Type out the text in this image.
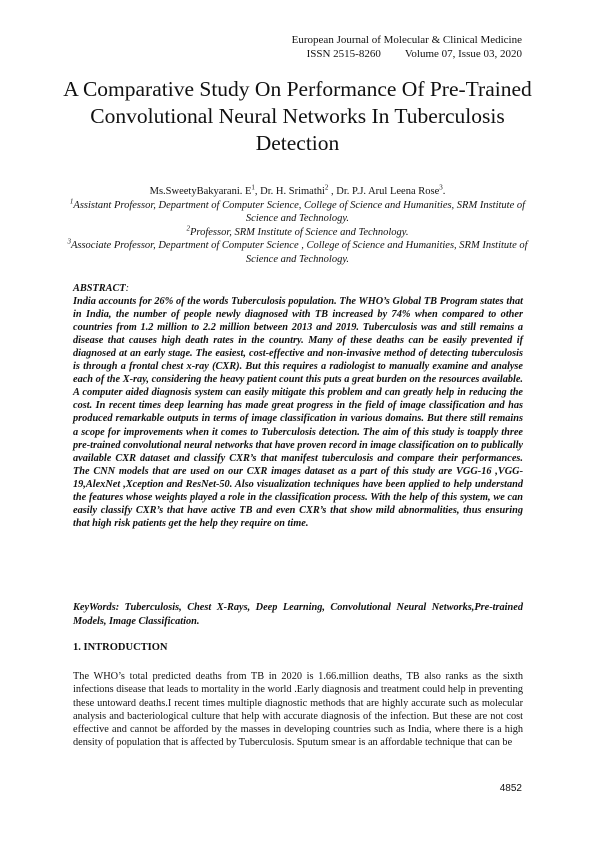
European Journal of Molecular & Clinical Medicine
ISSN 2515-8260 Volume 07, Issue 03, 2020
A Comparative Study On Performance Of Pre-Trained Convolutional Neural Networks In Tuberculosis Detection
Ms.SweetyBakyarani. $E^1$, Dr. H. Srimathi$^2$ , Dr. P.J. Arul Leena Rose$^3$.
$^1$Assistant Professor, Department of Computer Science, College of Science and Humanities, SRM Institute of Science and Technology.
$^2$Professor, SRM Institute of Science and Technology.
$^3$Associate Professor, Department of Computer Science , College of Science and Humanities, SRM Institute of Science and Technology.
ABSTRACT:
India accounts for 26% of the words Tuberculosis population. The WHO’s Global TB Program states that in India, the number of people newly diagnosed with TB increased by 74% when compared to other countries from 1.2 million to 2.2 million between 2013 and 2019. Tuberculosis was and still remains a disease that causes high death rates in the country. Many of these deaths can be easily prevented if diagnosed at an early stage. The easiest, cost-effective and non-invasive method of detecting tuberculosis is through a frontal chest x-ray (CXR). But this requires a radiologist to manually examine and analyse each of the X-ray, considering the heavy patient count this puts a great burden on the resources available. A computer aided diagnosis system can easily mitigate this problem and can greatly help in reducing the cost. In recent times deep learning has made great progress in the field of image classification and has produced remarkable outputs in terms of image classification in various domains. But there still remains a scope for improvements when it comes to Tuberculosis detection. The aim of this study is toapply three pre-trained convolutional neural networks that have proven record in image classification on to publically available CXR dataset and classify CXR’s that manifest tuberculosis and compare their performances. The CNN models that are used on our CXR images dataset as a part of this study are VGG-16 ,VGG-19,AlexNet ,Xception and ResNet-50. Also visualization techniques have been applied to help understand the features whose weights played a role in the classification process. With the help of this system, we can easily classify CXR’s that have active TB and even CXR’s that show mild abnormalities, thus ensuring that high risk patients get the help they require on time.
KeyWords: Tuberculosis, Chest X-Rays, Deep Learning, Convolutional Neural Networks,Pre-trained Models, Image Classification.
1. INTRODUCTION
The WHO’s total predicted deaths from TB in 2020 is 1.66.million deaths, TB also ranks as the sixth infections disease that leads to mortality in the world .Early diagnosis and treatment could help in preventing these untoward deaths.I recent times multiple diagnostic methods that are highly accurate such as molecular analysis and bacteriological culture that help with accurate diagnosis of the infection. But these are not cost effective and cannot be afforded by the masses in developing countries such as India, where there is a high density of population that is affected by Tuberculosis. Sputum smear is an affordable technique that can be
4852
